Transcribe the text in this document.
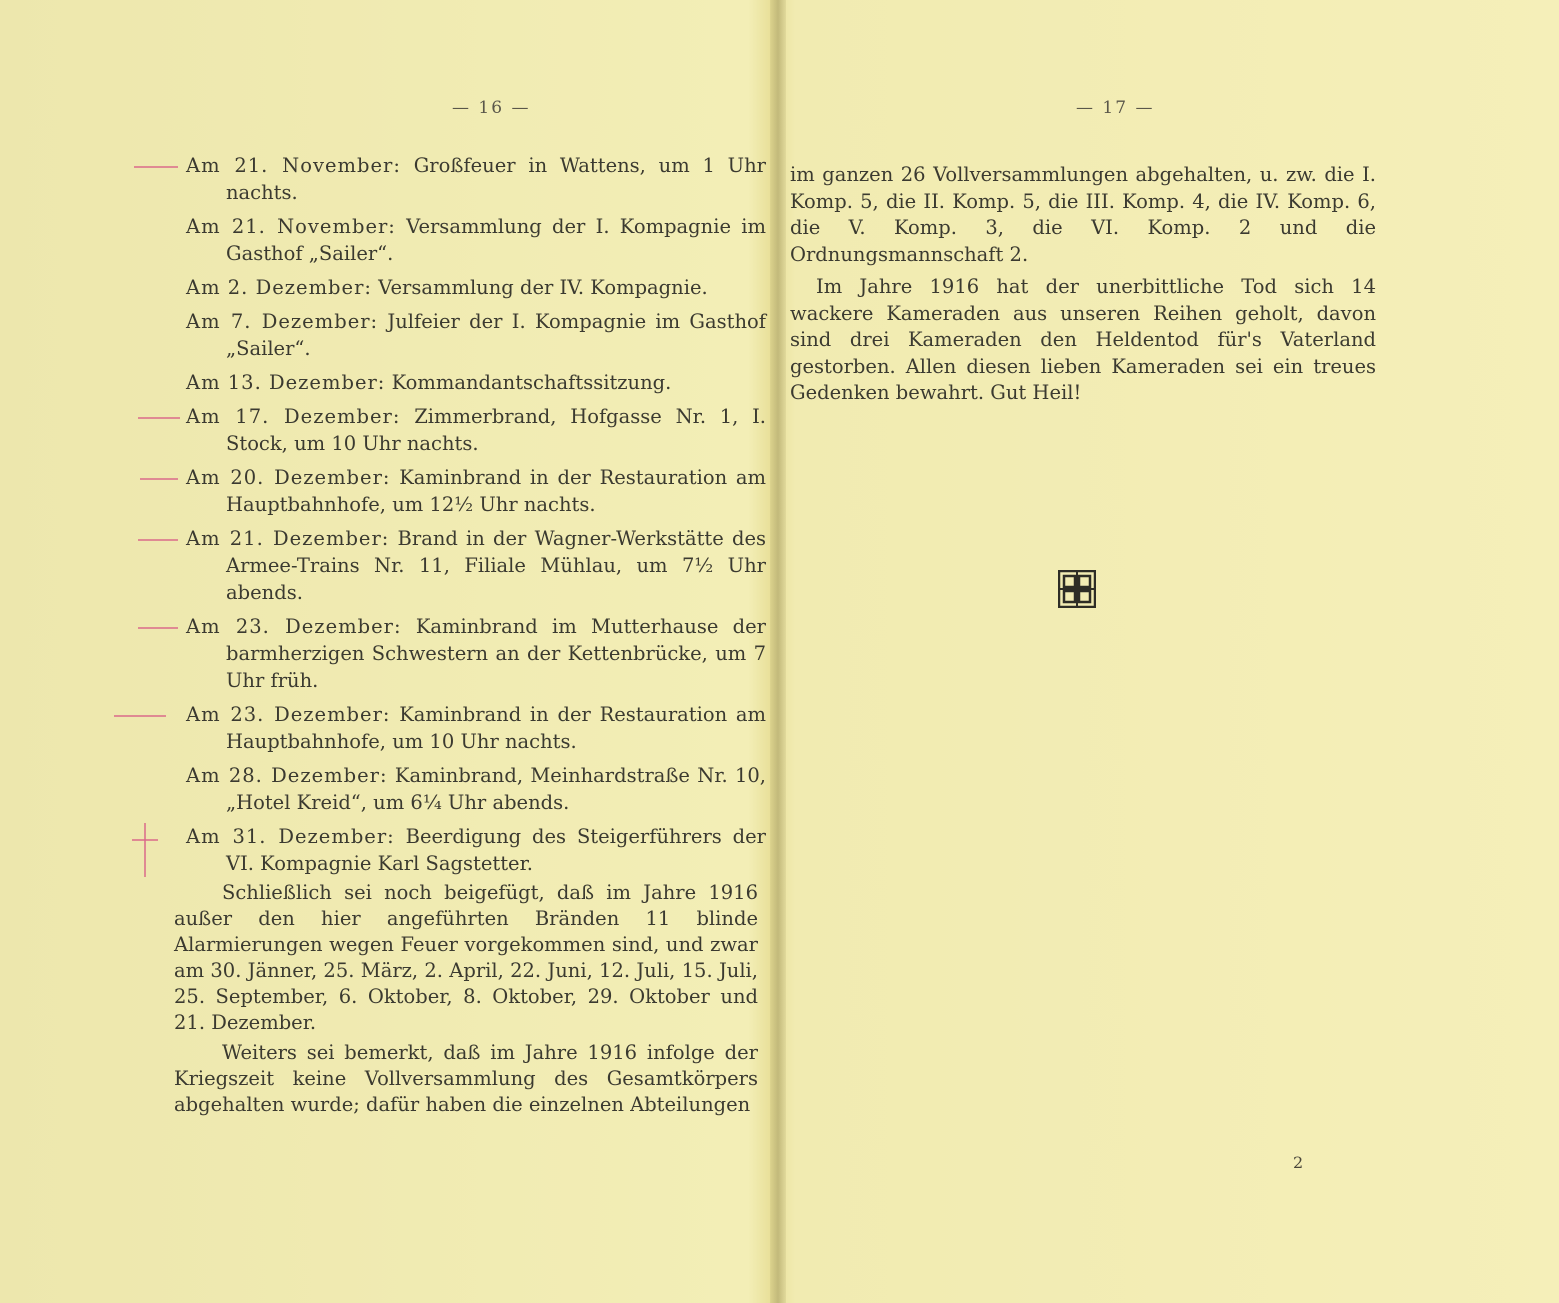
— 16 —
Am 21. November: Großfeuer in Wattens, um 1 Uhr nachts.
Am 21. November: Versammlung der I. Kompagnie im Gasthof „Sailer“.
Am 2. Dezember: Versammlung der IV. Kompagnie.
Am 7. Dezember: Julfeier der I. Kompagnie im Gasthof „Sailer“.
Am 13. Dezember: Kommandantschaftssitzung.
Am 17. Dezember: Zimmerbrand, Hofgasse Nr. 1, I. Stock, um 10 Uhr nachts.
Am 20. Dezember: Kaminbrand in der Restauration am Hauptbahnhofe, um 12½ Uhr nachts.
Am 21. Dezember: Brand in der Wagner-Werkstätte des Armee-Trains Nr. 11, Filiale Mühlau, um 7½ Uhr abends.
Am 23. Dezember: Kaminbrand im Mutterhause der barmherzigen Schwestern an der Kettenbrücke, um 7 Uhr früh.
Am 23. Dezember: Kaminbrand in der Restauration am Hauptbahnhofe, um 10 Uhr nachts.
Am 28. Dezember: Kaminbrand, Meinhardstraße Nr. 10, „Hotel Kreid“, um 6¼ Uhr abends.
Am 31. Dezember: Beerdigung des Steigerführers der VI. Kompagnie Karl Sagstetter.

Schließlich sei noch beigefügt, daß im Jahre 1916 außer den hier angeführten Bränden 11 blinde Alarmierungen wegen Feuer vorgekommen sind, und zwar am 30. Jänner, 25. März, 2. April, 22. Juni, 12. Juli, 15. Juli, 25. September, 6. Oktober, 8. Oktober, 29. Oktober und 21. Dezember.

Weiters sei bemerkt, daß im Jahre 1916 infolge der Kriegszeit keine Vollversammlung des Gesamtkörpers abgehalten wurde; dafür haben die einzelnen Abteilungen

— 17 —

im ganzen 26 Vollversammlungen abgehalten, u. zw. die I. Komp. 5, die II. Komp. 5, die III. Komp. 4, die IV. Komp. 6, die V. Komp. 3, die VI. Komp. 2 und die Ordnungsmannschaft 2.

Im Jahre 1916 hat der unerbittliche Tod sich 14 wackere Kameraden aus unseren Reihen geholt, davon sind drei Kameraden den Heldentod für's Vaterland gestorben. Allen diesen lieben Kameraden sei ein treues Gedenken bewahrt. Gut Heil!

2
